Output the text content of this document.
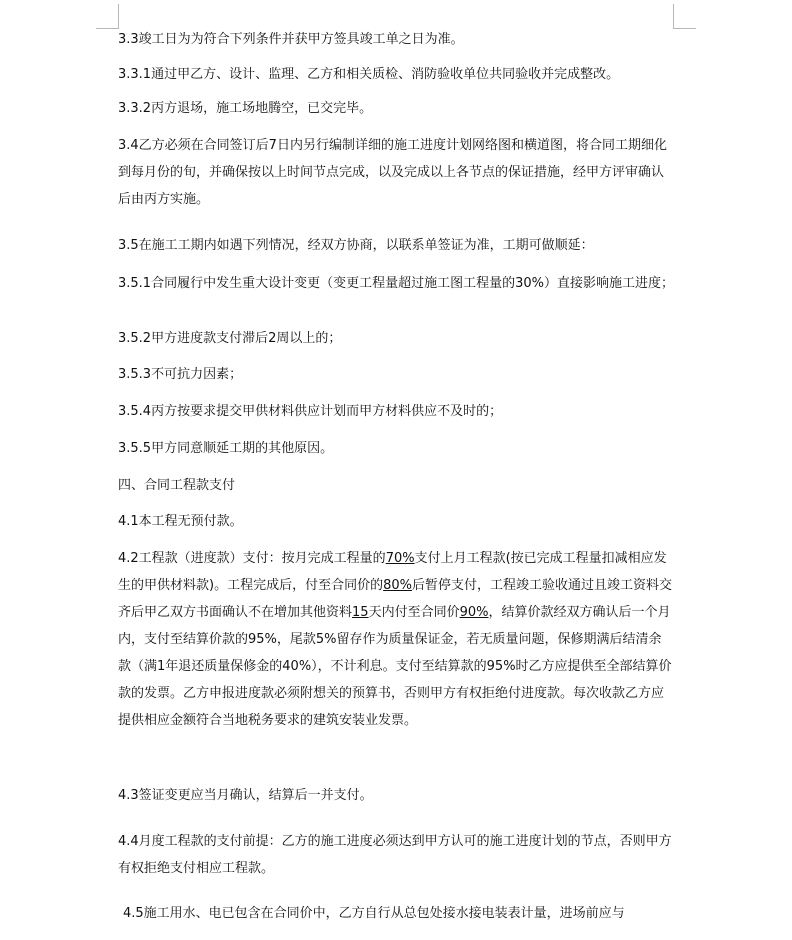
3.3竣工日为为符合下列条件并获甲方签具竣工单之日为准。

3.3.1通过甲乙方、设计、监理、乙方和相关质检、消防验收单位共同验收并完成整改。

3.3.2丙方退场，施工场地腾空，已交完毕。

3.4乙方必须在合同签订后7日内另行编制详细的施工进度计划网络图和横道图，将合同工期细化到每月份的旬，并确保按以上时间节点完成，以及完成以上各节点的保证措施，经甲方评审确认后由丙方实施。

3.5在施工工期内如遇下列情况，经双方协商，以联系单签证为准，工期可做顺延：

3.5.1合同履行中发生重大设计变更（变更工程量超过施工图工程量的30%）直接影响施工进度；

3.5.2甲方进度款支付滞后2周以上的；

3.5.3不可抗力因素；

3.5.4丙方按要求提交甲供材料供应计划而甲方材料供应不及时的；

3.5.5甲方同意顺延工期的其他原因。

四、合同工程款支付

4.1本工程无预付款。

4.2工程款（进度款）支付：按月完成工程量的70%支付上月工程款(按已完成工程量扣减相应发生的甲供材料款)。工程完成后，付至合同价的80%后暂停支付，工程竣工验收通过且竣工资料交齐后甲乙双方书面确认不在增加其他资料15天内付至合同价90%，结算价款经双方确认后一个月内，支付至结算价款的95%，尾款5%留存作为质量保证金，若无质量问题，保修期满后结清余款（满1年退还质量保修金的40%），不计利息。支付至结算款的95%时乙方应提供至全部结算价款的发票。乙方申报进度款必须附想关的预算书，否则甲方有权拒绝付进度款。每次收款乙方应提供相应金额符合当地税务要求的建筑安装业发票。

4.3签证变更应当月确认，结算后一并支付。

4.4月度工程款的支付前提：乙方的施工进度必须达到甲方认可的施工进度计划的节点，否则甲方有权拒绝支付相应工程款。

4.5施工用水、电已包含在合同价中，乙方自行从总包处接水接电装表计量，进场前应与
